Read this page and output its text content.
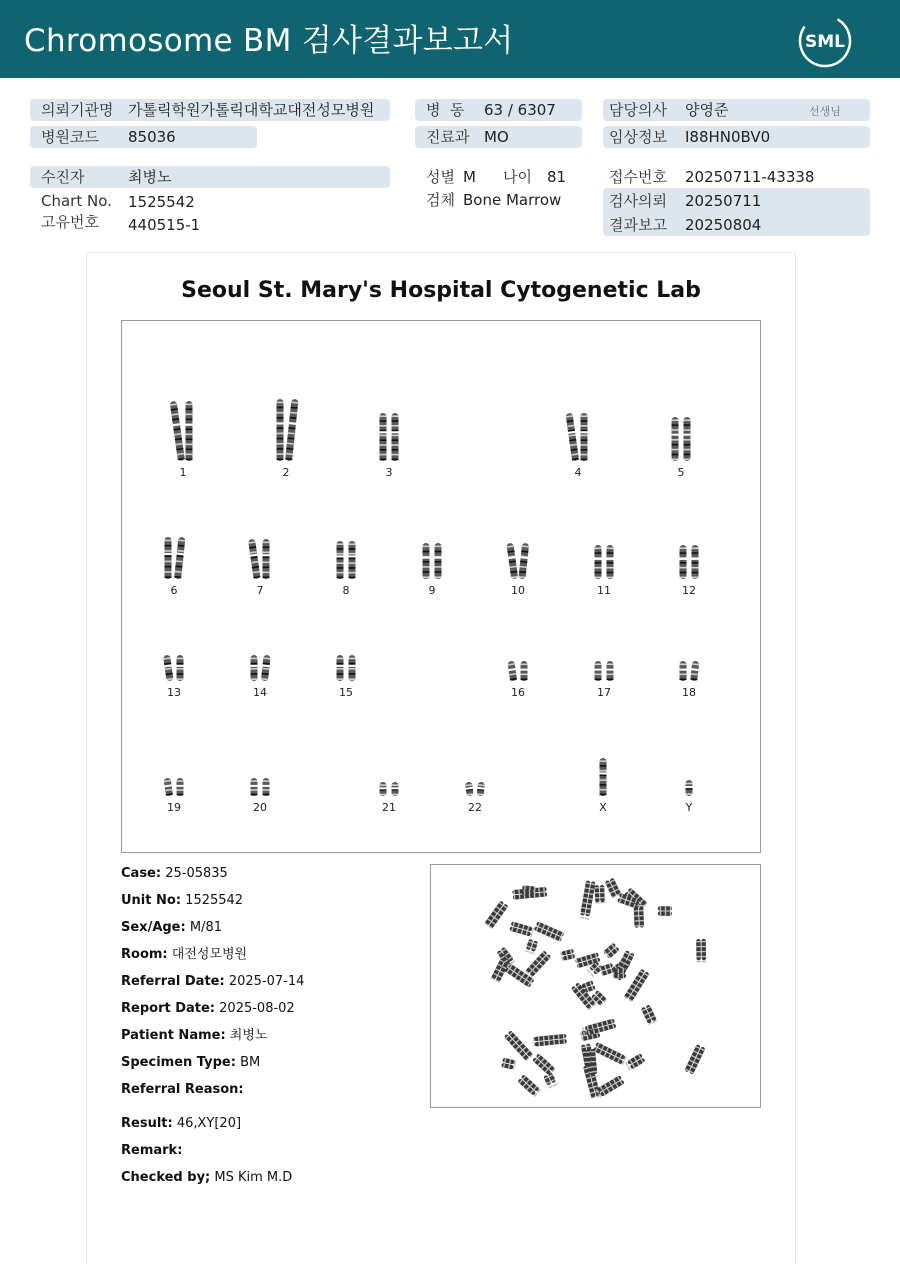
Chromosome BM 검사결과보고서	SML
의뢰기관명 가톨릭학원가톨릭대학교대전성모병원
병원코드 85036
병  동 63 / 6307
진료과 MO
담당의사 양영준	선생님
임상정보 I88HN0BV0
수진자	최병노
Chart No. 1525542
고유번호 440515-1
성별 M 나이 81
검체 Bone Marrow
접수번호 20250711-43338
검사의뢰 20250711
결과보고 20250804
Seoul St. Mary's Hospital Cytogenetic Lab
1	2	3	4	5
6	7	8	9	10	11	12
13	14	15	16	17	18
19	20	21	22	X	Y
Case: 25-05835
Unit No: 1525542
Sex/Age: M/81
Room: 대전성모병원
Referral Date: 2025-07-14
Report Date: 2025-08-02
Patient Name: 최병노
Specimen Type: BM
Referral Reason:
Result: 46,XY[20]
Remark:
Checked by; MS Kim M.D
